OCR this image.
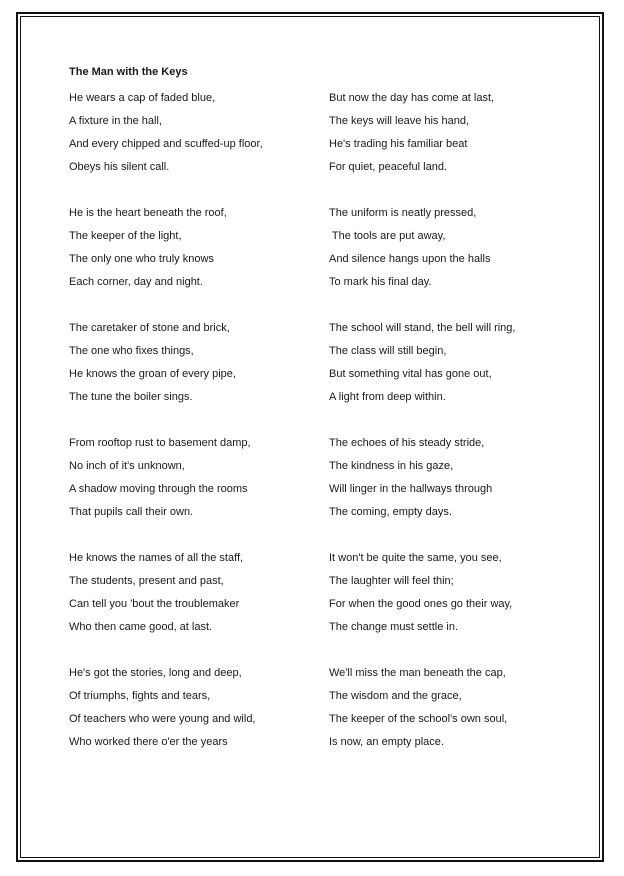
The Man with the Keys
He wears a cap of faded blue,
A fixture in the hall,
And every chipped and scuffed-up floor,
Obeys his silent call.
He is the heart beneath the roof,
The keeper of the light,
The only one who truly knows
Each corner, day and night.
The caretaker of stone and brick,
The one who fixes things,
He knows the groan of every pipe,
The tune the boiler sings.
From rooftop rust to basement damp,
No inch of it's unknown,
A shadow moving through the rooms
That pupils call their own.
He knows the names of all the staff,
The students, present and past,
Can tell you 'bout the troublemaker
Who then came good, at last.
He's got the stories, long and deep,
Of triumphs, fights and tears,
Of teachers who were young and wild,
Who worked there o'er the years
But now the day has come at last,
The keys will leave his hand,
He's trading his familiar beat
For quiet, peaceful land.
The uniform is neatly pressed,
The tools are put away,
And silence hangs upon the halls
To mark his final day.
The school will stand, the bell will ring,
The class will still begin,
But something vital has gone out,
A light from deep within.
The echoes of his steady stride,
The kindness in his gaze,
Will linger in the hallways through
The coming, empty days.
It won't be quite the same, you see,
The laughter will feel thin;
For when the good ones go their way,
The change must settle in.
We'll miss the man beneath the cap,
The wisdom and the grace,
The keeper of the school's own soul,
Is now, an empty place.
